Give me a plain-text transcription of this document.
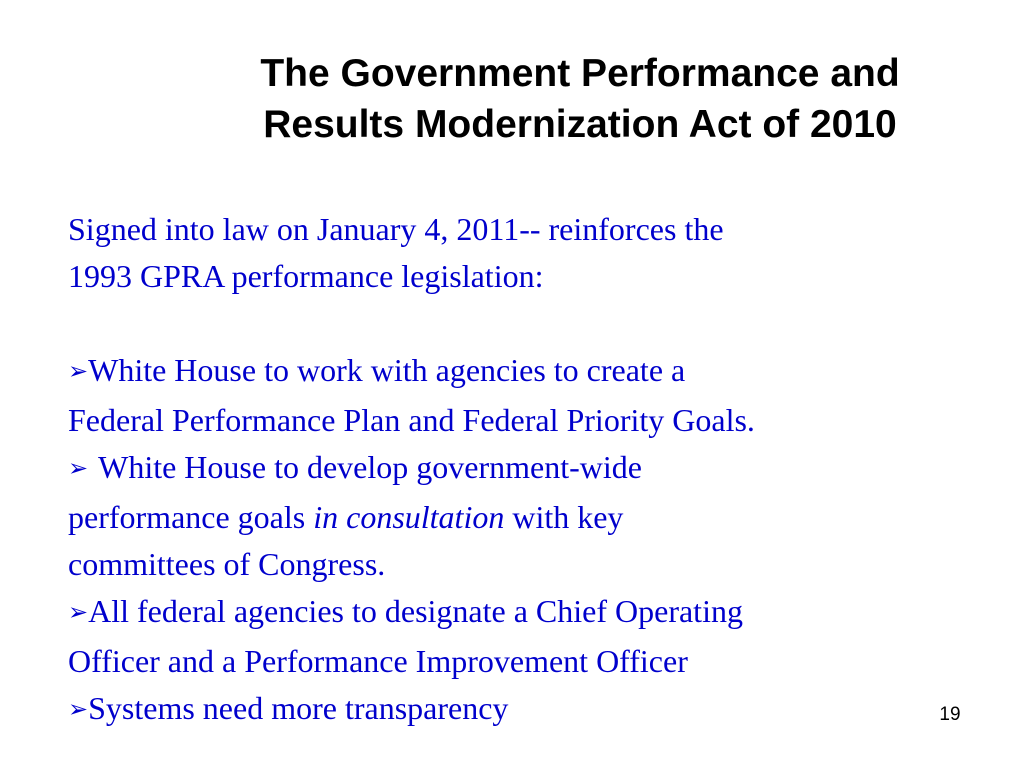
The Government Performance and
Results Modernization Act of 2010
Signed into law on January 4, 2011-- reinforces the
1993 GPRA performance legislation:
➢White House to work with agencies to create a
Federal Performance Plan and Federal Priority Goals.
➢ White House to develop government-wide
performance goals in consultation with key
committees of Congress.
➢All federal agencies to designate a Chief Operating
Officer and a Performance Improvement Officer
➢Systems need more transparency	19
